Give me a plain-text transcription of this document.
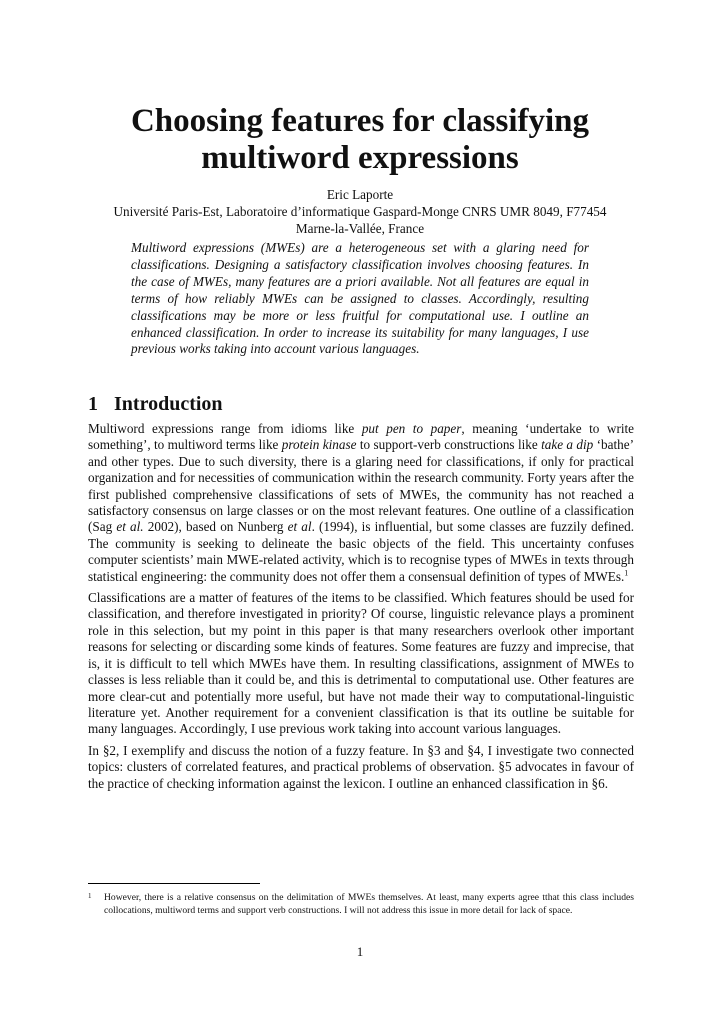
Choosing features for classifying multiword expressions
Eric Laporte
Université Paris-Est, Laboratoire d’informatique Gaspard-Monge CNRS UMR 8049, F77454
Marne-la-Vallée, France

Multiword expressions (MWEs) are a heterogeneous set with a glaring need for classifications. Designing a satisfactory classification involves choosing features. In the case of MWEs, many features are a priori available. Not all features are equal in terms of how reliably MWEs can be assigned to classes. Accordingly, resulting classifications may be more or less fruitful for computational use. I outline an enhanced classification. In order to increase its suitability for many languages, I use previous works taking into account various languages.

1 Introduction

Multiword expressions range from idioms like put pen to paper, meaning ‘undertake to write something’, to multiword terms like protein kinase to support-verb constructions like take a dip ‘bathe’ and other types. Due to such diversity, there is a glaring need for classifications, if only for practical organization and for necessities of communication within the research community. Forty years after the first published comprehensive classifications of sets of MWEs, the community has not reached a satisfactory consensus on large classes or on the most relevant features. One outline of a classification (Sag et al. 2002), based on Nunberg et al. (1994), is influential, but some classes are fuzzily defined. The community is seeking to delineate the basic objects of the field. This uncertainty confuses computer scientists’ main MWE-related activity, which is to recognise types of MWEs in texts through statistical engineering: the community does not offer them a consensual definition of types of MWEs.$^1$

Classifications are a matter of features of the items to be classified. Which features should be used for classification, and therefore investigated in priority? Of course, linguistic relevance plays a prominent role in this selection, but my point in this paper is that many researchers overlook other important reasons for selecting or discarding some kinds of features. Some features are fuzzy and imprecise, that is, it is difficult to tell which MWEs have them. In resulting classifications, assignment of MWEs to classes is less reliable than it could be, and this is detrimental to computational use. Other features are more clear-cut and potentially more useful, but have not made their way to computational-linguistic literature yet. Another requirement for a convenient classification is that its outline be suitable for many languages. Accordingly, I use previous work taking into account various languages.

In §2, I exemplify and discuss the notion of a fuzzy feature. In §3 and §4, I investigate two connected topics: clusters of correlated features, and practical problems of observation. §5 advocates in favour of the practice of checking information against the lexicon. I outline an enhanced classification in §6.

1 However, there is a relative consensus on the delimitation of MWEs themselves. At least, many experts agree tthat this class includes collocations, multiword terms and support verb constructions. I will not address this issue in more detail for lack of space.
1
